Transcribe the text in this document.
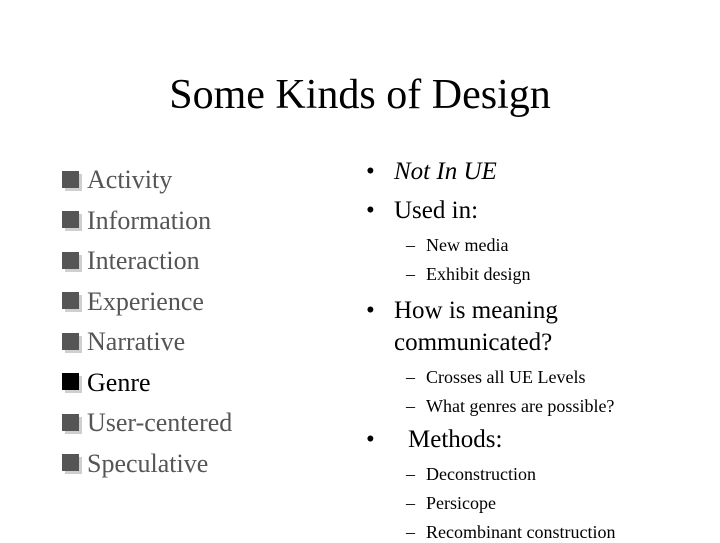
Some Kinds of Design
Activity
Information
Interaction
Experience
Narrative
Genre
User-centered
Speculative
• Not In UE
• Used in:
– New media
– Exhibit design
• How is meaning
communicated?
– Crosses all UE Levels
– What genres are possible?
• Methods:
– Deconstruction
– Persicope
– Recombinant construction
